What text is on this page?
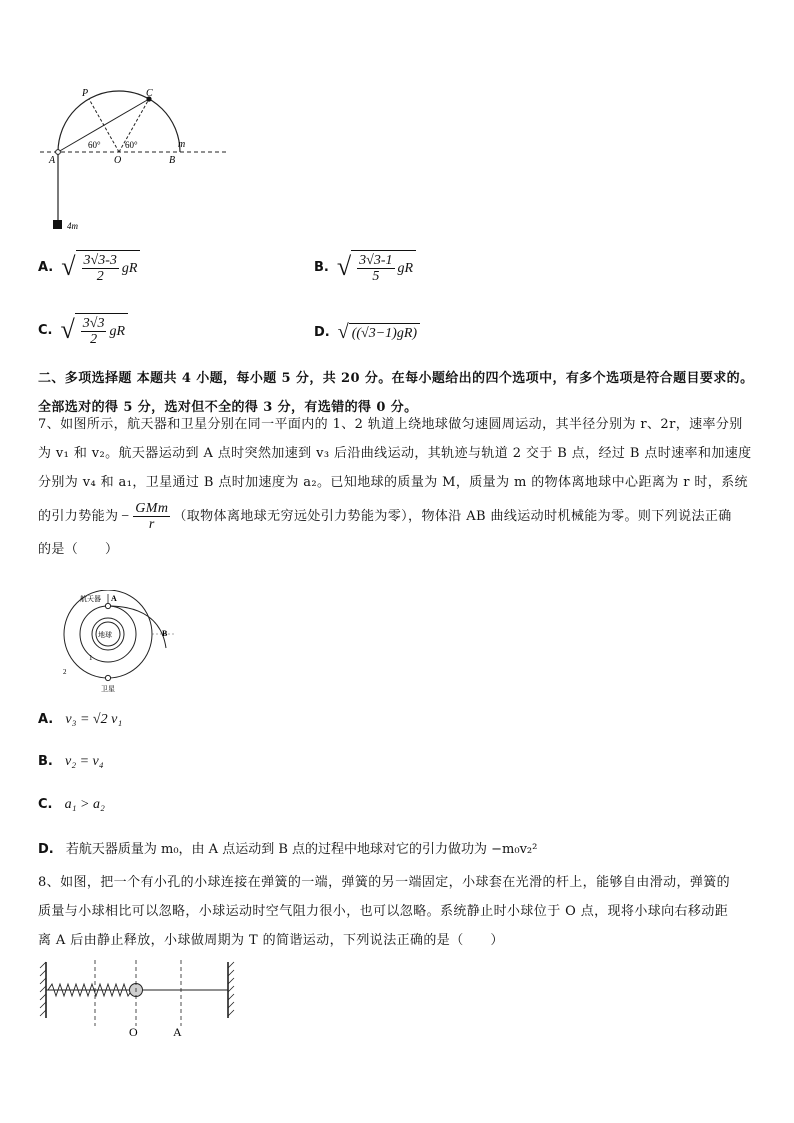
P	C
A	O	B
m
60°	60°
4m
A. √ $\frac{3√3-3}{2}$ gR	B. √ $\frac{3√3-1}{5}$ gR
C. √ $\frac{3√3}{2}$ gR	D. √ ((√3−1)gR)
二、多项选择题 本题共 4 小题，每小题 5 分，共 20 分。在每小题给出的四个选项中，有多个选项是符合题目要求的。
全部选对的得 5 分，选对但不全的得 3 分，有选错的得 0 分。
7、如图所示，航天器和卫星分别在同一平面内的 1、2 轨道上绕地球做匀速圆周运动，其半径分别为 r、2r，速率分别
为 v₁ 和 v₂。航天器运动到 A 点时突然加速到 v₃ 后沿曲线运动，其轨迹与轨道 2 交于 B 点，经过 B 点时速率和加速度
分别为 v₄ 和 a₁，卫星通过 B 点时加速度为 a₂。已知地球的质量为 M，质量为 m 的物体离地球中心距离为 r 时，系统
的引力势能为 − $\frac{\text{GMm}}{r}$ （取物体离地球无穷远处引力势能为零），物体沿 AB 曲线运动时机械能为零。则下列说法正确
的是（　　）
航天器 A
B
地球
1
2
卫星
A. v₃ = √2 v₁
B. v₂ = v₄
C. a₁ > a₂
D. 若航天器质量为 m₀，由 A 点运动到 B 点的过程中地球对它的引力做功为 −m₀v₂²
8、如图，把一个有小孔的小球连接在弹簧的一端，弹簧的另一端固定，小球套在光滑的杆上，能够自由滑动，弹簧的
质量与小球相比可以忽略，小球运动时空气阻力很小，也可以忽略。系统静止时小球位于 O 点，现将小球向右移动距
离 A 后由静止释放，小球做周期为 T 的简谐运动，下列说法正确的是（　　）
O	A
